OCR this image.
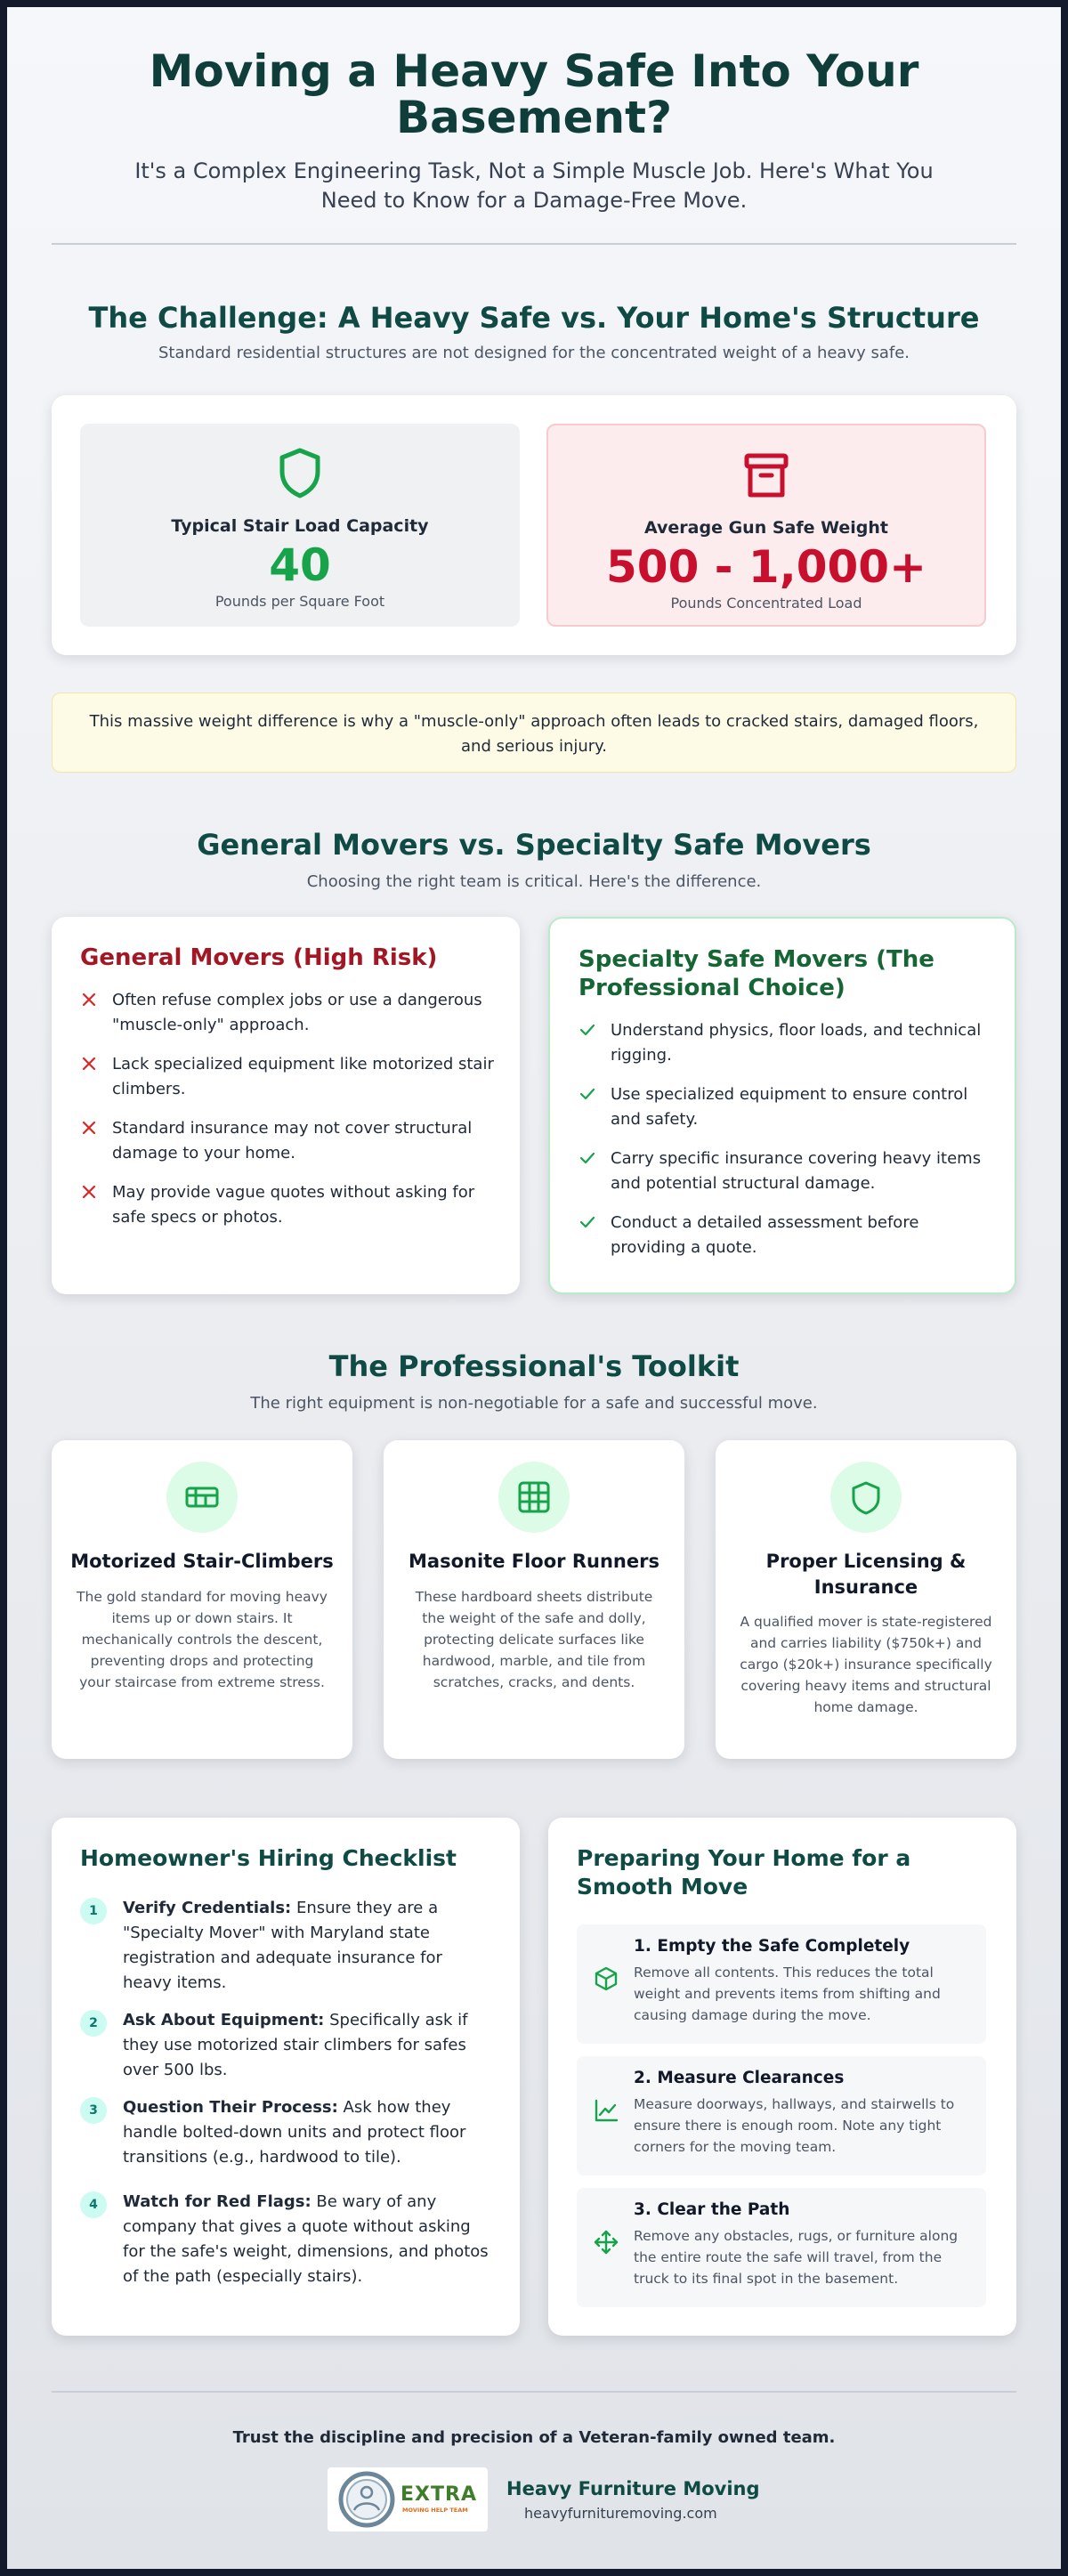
Moving a Heavy Safe Into Your Basement?

It's a Complex Engineering Task, Not a Simple Muscle Job. Here's What You Need to Know for a Damage-Free Move.

The Challenge: A Heavy Safe vs. Your Home's Structure

Standard residential structures are not designed for the concentrated weight of a heavy safe.

Typical Stair Load Capacity
40
Pounds per Square Foot
Average Gun Safe Weight
500 - 1,000+
Pounds Concentrated Load
This massive weight difference is why a "muscle-only" approach often leads to cracked stairs, damaged floors, and serious injury.
General Movers vs. Specialty Safe Movers

Choosing the right team is critical. Here's the difference.

General Movers (High Risk)
Often refuse complex jobs or use a dangerous "muscle-only" approach.
Lack specialized equipment like motorized stair climbers.
Standard insurance may not cover structural damage to your home.
May provide vague quotes without asking for safe specs or photos.
Specialty Safe Movers (The Professional Choice)
Understand physics, floor loads, and technical rigging.
Use specialized equipment to ensure control and safety.
Carry specific insurance covering heavy items and potential structural damage.
Conduct a detailed assessment before providing a quote.
The Professional's Toolkit

The right equipment is non-negotiable for a safe and successful move.

Motorized Stair-Climbers
The gold standard for moving heavy items up or down stairs. It mechanically controls the descent, preventing drops and protecting your staircase from extreme stress.
Masonite Floor Runners
These hardboard sheets distribute the weight of the safe and dolly, protecting delicate surfaces like hardwood, marble, and tile from scratches, cracks, and dents.
Proper Licensing & Insurance
A qualified mover is state-registered and carries liability ($750k+) and cargo ($20k+) insurance specifically covering heavy items and structural home damage.
Homeowner's Hiring Checklist
1	Verify Credentials: Ensure they are a "Specialty Mover" with Maryland state registration and adequate insurance for heavy items.
2	Ask About Equipment: Specifically ask if they use motorized stair climbers for safes over 500 lbs.
3	Question Their Process: Ask how they handle bolted-down units and protect floor transitions (e.g., hardwood to tile).
4	Watch for Red Flags: Be wary of any company that gives a quote without asking for the safe's weight, dimensions, and photos of the path (especially stairs).
Preparing Your Home for a Smooth Move
1. Empty the Safe Completely
Remove all contents. This reduces the total weight and prevents items from shifting and causing damage during the move.
2. Measure Clearances
Measure doorways, hallways, and stairwells to ensure there is enough room. Note any tight corners for the moving team.
3. Clear the Path
Remove any obstacles, rugs, or furniture along the entire route the safe will travel, from the truck to its final spot in the basement.
Trust the discipline and precision of a Veteran-family owned team.
EXTRA
MOVING HELP TEAM
Heavy Furniture Moving
heavyfurnituremoving.com
